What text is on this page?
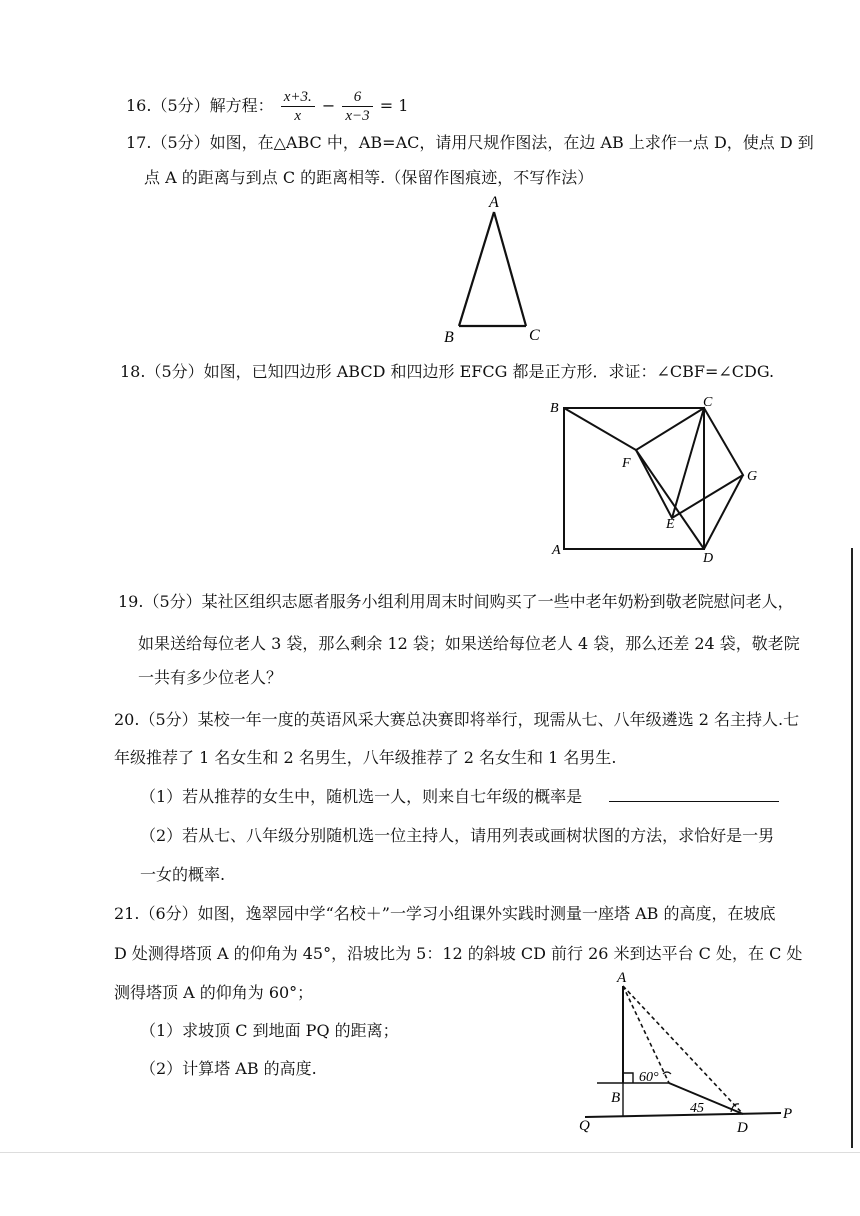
16.（5分）解方程： $\frac{x+3.}{x} - \frac{6}{x-3} = 1$
17.（5分）如图，在△ABC 中，AB=AC，请用尺规作图法，在边 AB 上求作一点 D，使点 D 到
点 A 的距离与到点 C 的距离相等.（保留作图痕迹，不写作法）
A
B	C
18.（5分）如图，已知四边形 ABCD 和四边形 EFCG 都是正方形．求证：∠CBF=∠CDG.
B	C
F
G
E
A
D
19.（5分）某社区组织志愿者服务小组利用周末时间购买了一些中老年奶粉到敬老院慰问老人，
如果送给每位老人 3 袋，那么剩余 12 袋；如果送给每位老人 4 袋，那么还差 24 袋，敬老院
一共有多少位老人？
20.（5分）某校一年一度的英语风采大赛总决赛即将举行，现需从七、八年级遴选 2 名主持人.七
年级推荐了 1 名女生和 2 名男生，八年级推荐了 2 名女生和 1 名男生.
（1）若从推荐的女生中，随机选一人，则来自七年级的概率是
（2）若从七、八年级分别随机选一位主持人，请用列表或画树状图的方法，求恰好是一男
一女的概率.
21.（6分）如图，逸翠园中学“名校＋”一学习小组课外实践时测量一座塔 AB 的高度，在坡底
D 处测得塔顶 A 的仰角为 45°，沿坡比为 5：12 的斜坡 CD 前行 26 米到达平台 C 处，在 C 处
测得塔顶 A 的仰角为 60°；
（1）求坡顶 C 到地面 PQ 的距离；
（2）计算塔 AB 的高度.
A
B
60°
45
Q	D
P
